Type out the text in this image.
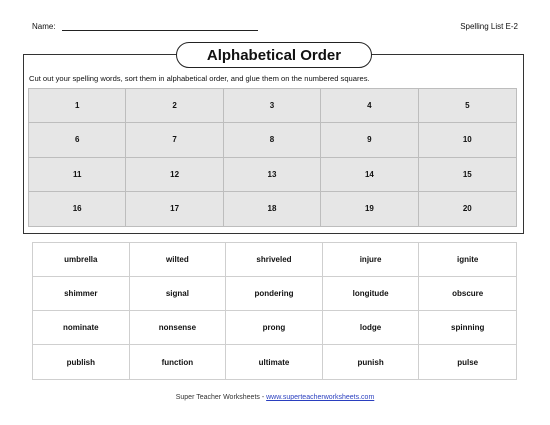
Name:	Spelling List E-2
Alphabetical Order
Cut out your spelling words, sort them in alphabetical order, and glue them on the numbered squares.
1	2	3	4	5
6	7	8	9	10
11	12	13	14	15
16	17	18	19	20
umbrella	wilted	shriveled	injure	ignite
shimmer	signal	pondering	longitude	obscure
nominate	nonsense	prong	lodge	spinning
publish	function	ultimate	punish	pulse
Super Teacher Worksheets - www.superteacherworksheets.com
